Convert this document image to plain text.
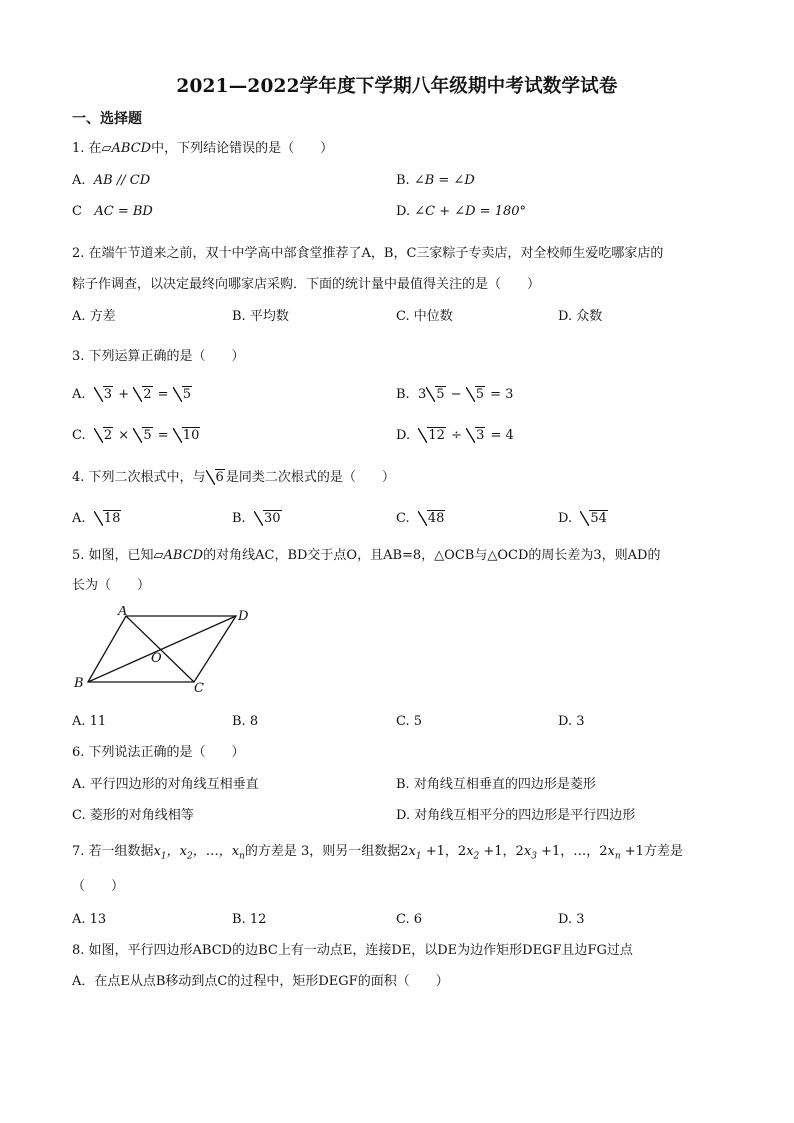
2021—2022学年度下学期八年级期中考试数学试卷
一、选择题
1. 在▱ABCD中，下列结论错误的是（　　）
A. AB // CD	B. ∠B = ∠D
C AC = BD	D. ∠C + ∠D = 180°
2. 在端午节道来之前，双十中学高中部食堂推荐了A，B，C三家粽子专卖店，对全校师生爱吃哪家店的
粽子作调查，以决定最终向哪家店采购．下面的统计量中最值得关注的是（　　）
A. 方差	B. 平均数	C. 中位数	D. 众数
3. 下列运算正确的是（　　）
A. 3 + 2 = 5	B. 3 5 − 5 = 3
C. 2 × 5 = 10	D. 12 ÷ 3 = 4
4. 下列二次根式中，与 6 是同类二次根式的是（　　）
A. 18	B. 30	C. 48	D. 54
5. 如图，已知▱ABCD的对角线AC，BD交于点O，且AB=8，△OCB与△OCD的周长差为3，则AD的
长为（　　）
A	D
B	C
O
A. 11	B. 8	C. 5	D. 3
6. 下列说法正确的是（　　）
A. 平行四边形的对角线互相垂直	B. 对角线互相垂直的四边形是菱形
C. 菱形的对角线相等	D. 对角线互相平分的四边形是平行四边形
7. 若一组数据$x_1$，$x_2$，…，$x_n$的方差是 3，则另一组数据$2x_1 +1$，$2x_2 +1$，$2x_3 +1$，…，$2x_n +1$方差是
（　　）
A. 13	B. 12	C. 6	D. 3
8. 如图，平行四边形ABCD的边BC上有一动点E，连接DE，以DE为边作矩形DEGF且边FG过点
A．在点E从点B移动到点C的过程中，矩形DEGF的面积（　　）
